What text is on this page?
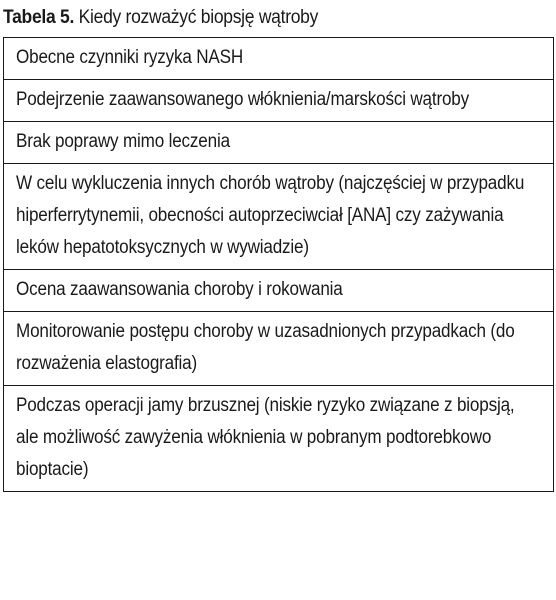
Tabela 5. Kiedy rozważyć biopsję wątroby
Obecne czynniki ryzyka NASH
Podejrzenie zaawansowanego włóknienia/marskości wątroby
Brak poprawy mimo leczenia
W celu wykluczenia innych chorób wątroby (najczęściej w przypadku hiperferrytynemii, obecności autoprzeciwciał [ANA] czy zażywania leków hepatotoksycznych w wywiadzie)
Ocena zaawansowania choroby i rokowania
Monitorowanie postępu choroby w uzasadnionych przypadkach (do rozważenia elastografia)
Podczas operacji jamy brzusznej (niskie ryzyko związane z biopsją, ale możliwość zawyżenia włóknienia w pobranym podtorebkowo bioptacie)
